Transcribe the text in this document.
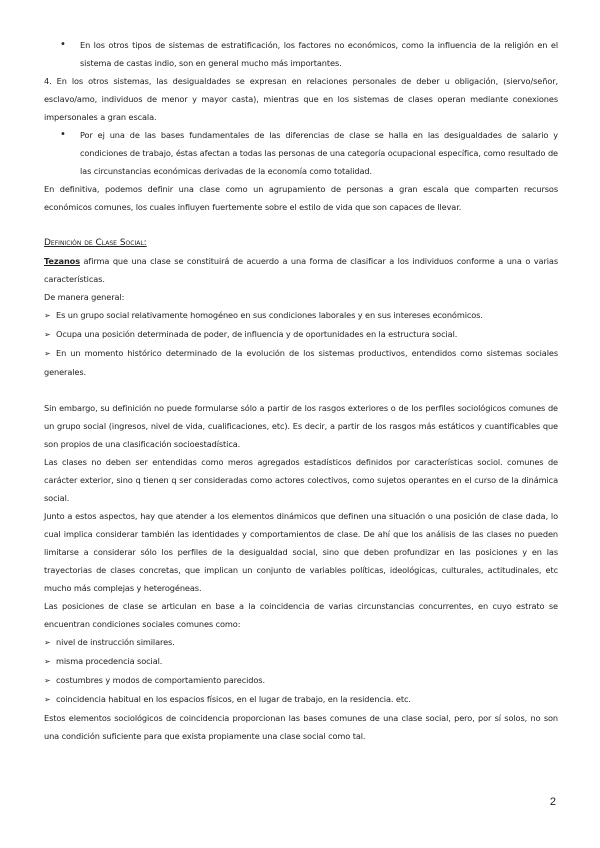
• En los otros tipos de sistemas de estratificación, los factores no económicos, como la influencia de la religión en el sistema de castas indio, son en general mucho más importantes.

4. En los otros sistemas, las desigualdades se expresan en relaciones personales de deber u obligación, (siervo/señor, esclavo/amo, individuos de menor y mayor casta), mientras que en los sistemas de clases operan mediante conexiones impersonales a gran escala.

• Por ej una de las bases fundamentales de las diferencias de clase se halla en las desigualdades de salario y condiciones de trabajo, éstas afectan a todas las personas de una categoría ocupacional específica, como resultado de las circunstancias económicas derivadas de la economía como totalidad.

En definitiva, podemos definir una clase como un agrupamiento de personas a gran escala que comparten recursos económicos comunes, los cuales influyen fuertemente sobre el estilo de vida que son capaces de llevar.

Definición de Clase Social:

Tezanos afirma que una clase se constituirá de acuerdo a una forma de clasificar a los individuos conforme a una o varias características.

De manera general:

➢ Es un grupo social relativamente homogéneo en sus condiciones laborales y en sus intereses económicos.

➢ Ocupa una posición determinada de poder, de influencia y de oportunidades en la estructura social.

➢ En un momento histórico determinado de la evolución de los sistemas productivos, entendidos como sistemas sociales generales.

Sin embargo, su definición no puede formularse sólo a partir de los rasgos exteriores o de los perfiles sociológicos comunes de un grupo social (ingresos, nivel de vida, cualificaciones, etc). Es decir, a partir de los rasgos más estáticos y cuantificables que son propios de una clasificación socioestadística.

Las clases no deben ser entendidas como meros agregados estadísticos definidos por características sociol. comunes de carácter exterior, sino q tienen q ser consideradas como actores colectivos, como sujetos operantes en el curso de la dinámica social.

Junto a estos aspectos, hay que atender a los elementos dinámicos que definen una situación o una posición de clase dada, lo cual implica considerar también las identidades y comportamientos de clase. De ahí que los análisis de las clases no pueden limitarse a considerar sólo los perfiles de la desigualdad social, sino que deben profundizar en las posiciones y en las trayectorias de clases concretas, que implican un conjunto de variables políticas, ideológicas, culturales, actitudinales, etc mucho más complejas y heterogéneas.

Las posiciones de clase se articulan en base a la coincidencia de varias circunstancias concurrentes, en cuyo estrato se encuentran condiciones sociales comunes como:

➢ nivel de instrucción similares.

➢ misma procedencia social.

➢ costumbres y modos de comportamiento parecidos.

➢ coincidencia habitual en los espacios físicos, en el lugar de trabajo, en la residencia. etc.

Estos elementos sociológicos de coincidencia proporcionan las bases comunes de una clase social, pero, por sí solos, no son una condición suficiente para que exista propiamente una clase social como tal.

2
